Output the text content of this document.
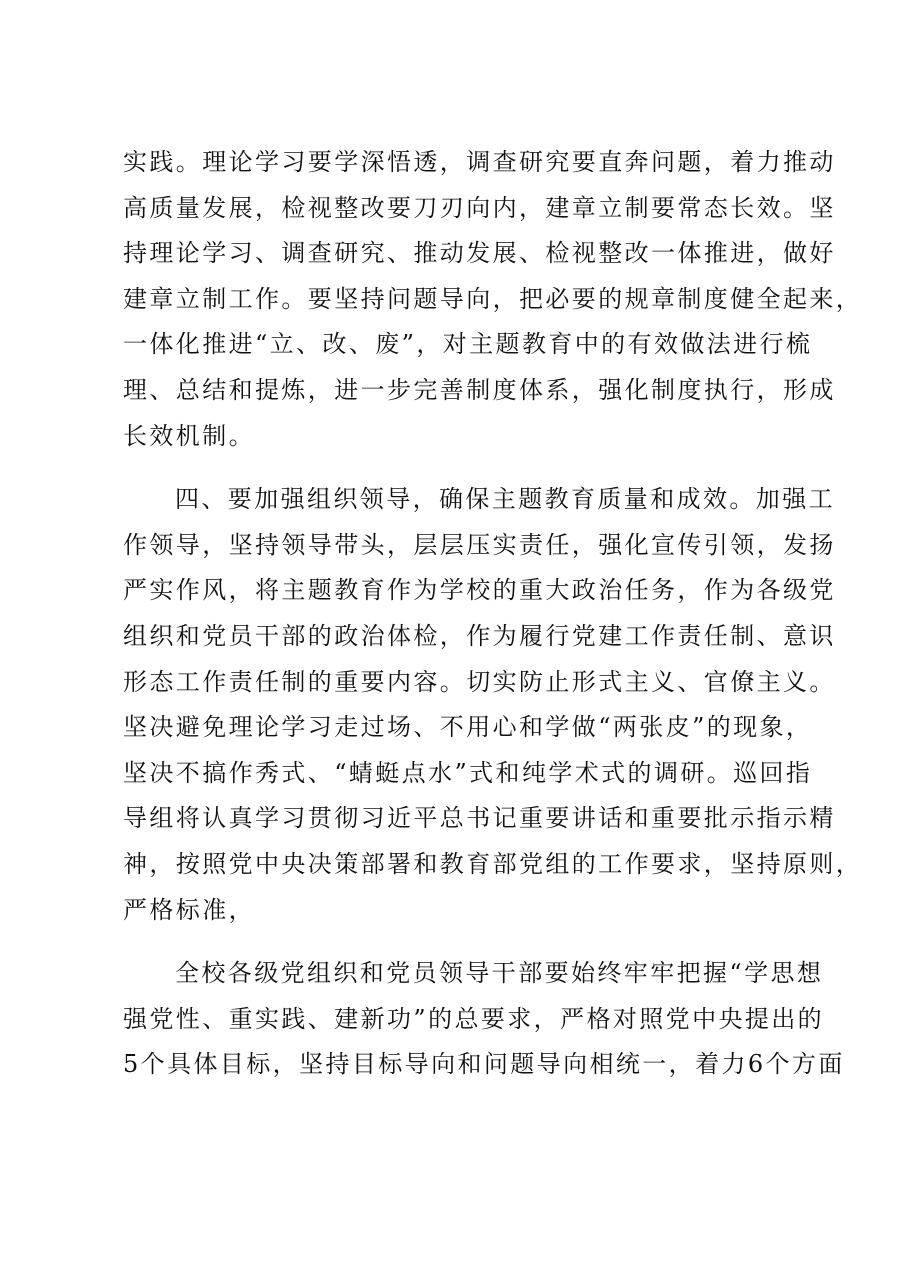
实践。理论学习要学深悟透，调查研究要直奔问题，着力推动
高质量发展，检视整改要刀刃向内，建章立制要常态长效。坚
持理论学习、调查研究、推动发展、检视整改一体推进，做好
建章立制工作。要坚持问题导向，把必要的规章制度健全起来，
一体化推进“立、改、废”，对主题教育中的有效做法进行梳
理、总结和提炼，进一步完善制度体系，强化制度执行，形成
长效机制。
四、要加强组织领导，确保主题教育质量和成效。加强工
作领导，坚持领导带头，层层压实责任，强化宣传引领，发扬
严实作风，将主题教育作为学校的重大政治任务，作为各级党
组织和党员干部的政治体检，作为履行党建工作责任制、意识
形态工作责任制的重要内容。切实防止形式主义、官僚主义。
坚决避免理论学习走过场、不用心和学做“两张皮”的现象，
坚决不搞作秀式、“蜻蜓点水”式和纯学术式的调研。巡回指
导组将认真学习贯彻习近平总书记重要讲话和重要批示指示精
神，按照党中央决策部署和教育部党组的工作要求，坚持原则，
严格标准，
全校各级党组织和党员领导干部要始终牢牢把握“学思想
强党性、重实践、建新功”的总要求，严格对照党中央提出的
5个具体目标，坚持目标导向和问题导向相统一，着力6个方面
